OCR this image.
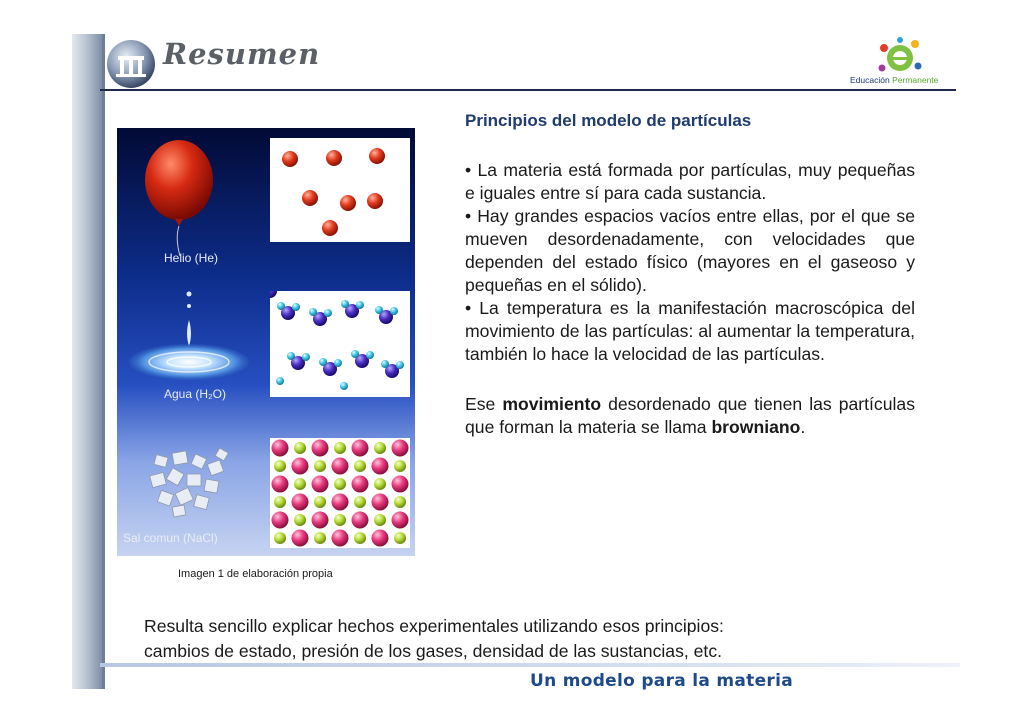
Resumen
Educación Permanente
Helio (He)
Agua (H₂O)
Sal comun (NaCl)
Imagen 1 de elaboración propia
Principios del modelo de partículas

• La materia está formada por partículas, muy pequeñas e iguales entre sí para cada sustancia.

• Hay grandes espacios vacíos entre ellas, por el que se mueven desordenadamente, con velocidades que dependen del estado físico (mayores en el gaseoso y pequeñas en el sólido).

• La temperatura es la manifestación macroscópica del movimiento de las partículas: al aumentar la temperatura, también lo hace la velocidad de las partículas.

Ese movimiento desordenado que tienen las partículas que forman la materia se llama browniano.

Resulta sencillo explicar hechos experimentales utilizando esos principios:
cambios de estado, presión de los gases, densidad de las sustancias, etc.
Un modelo para la materia
